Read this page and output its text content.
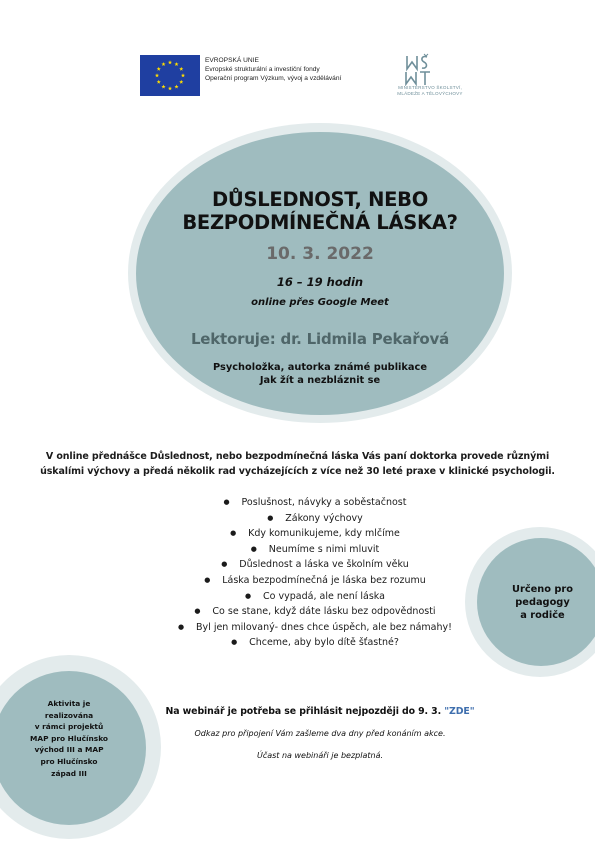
EVROPSKÁ UNIE
Evropské strukturální a investiční fondy
Operační program Výzkum, vývoj a vzdělávání
MINISTERSTVO ŠKOLSTVÍ,
MLÁDEŽE A TĚLOVÝCHOVY
DŮSLEDNOST, NEBO
BEZPODMÍNEČNÁ LÁSKA?
10. 3. 2022
16 – 19 hodin
online přes Google Meet
Lektoruje: dr. Lidmila Pekařová
Psycholožka, autorka známé publikace
Jak žít a nezbláznit se
V online přednášce Důslednost, nebo bezpodmínečná láska Vás paní doktorka provede různými
úskalími výchovy a předá několik rad vycházejících z více než 30 leté praxe v klinické psychologii.
● Poslušnost, návyky a soběstačnost
● Zákony výchovy
● Kdy komunikujeme, kdy mlčíme
● Neumíme s nimi mluvit
● Důslednost a láska ve školním věku
● Láska bezpodmínečná je láska bez rozumu
● Co vypadá, ale není láska
● Co se stane, když dáte lásku bez odpovědnosti
● Byl jen milovaný- dnes chce úspěch, ale bez námahy!
● Chceme, aby bylo dítě šťastné?
Určeno pro
pedagogy
a rodiče
Aktivita je
realizována
v rámci projektů
MAP pro Hlučínsko
východ III a MAP
pro Hlučínsko
západ III
Na webinář je potřeba se přihlásit nejpozději do 9. 3. "ZDE"
Odkaz pro připojení Vám zašleme dva dny před konáním akce.
Účast na webináři je bezplatná.
